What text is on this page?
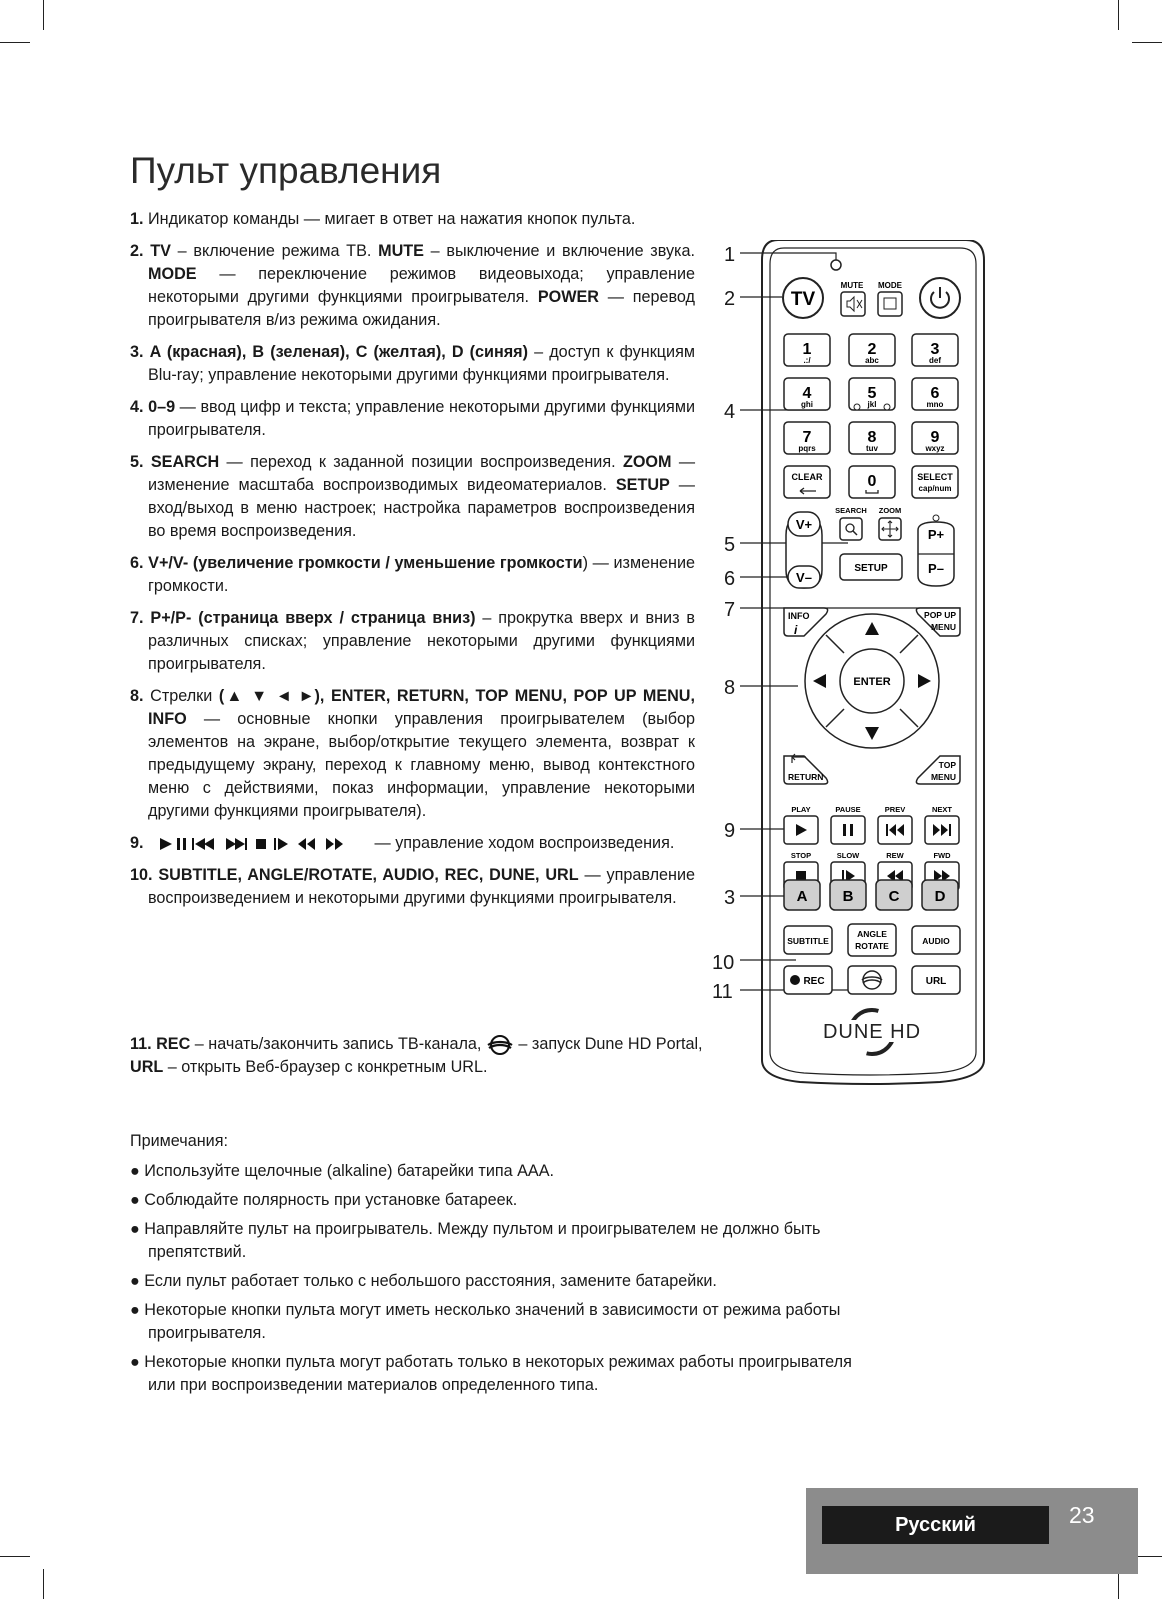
Пульт управления

1. Индикатор команды — мигает в ответ на нажатия кнопок пульта.

2. TV – включение режима ТВ. MUTE – выключение и включение звука. MODE — переключение режимов видеовыхода; управление некоторыми другими функциями проигрывателя. POWER — перевод проигрывателя в/из режима ожидания.

3. A (красная), B (зеленая), C (желтая), D (синяя) – доступ к функциям Blu-ray; управление некоторыми другими функциями проигрывателя.

4. 0–9 — ввод цифр и текста; управление некоторыми другими функциями проигрывателя.

5. SEARCH — переход к заданной позиции воспроизведения. ZOOM — изменение масштаба воспроизводимых видеоматериалов. SETUP — вход/выход в меню настроек; настройка параметров воспроизведения во время воспроизведения.

6. V+/V- (увеличение громкости / уменьшение громкости) — изменение громкости.

7. P+/P- (страница вверх / страница вниз) – прокрутка вверх и вниз в различных списках; управление некоторыми другими функциями проигрывателя.

8. Стрелки (▲ ▼ ◄ ►), ENTER, RETURN, TOP MENU, POP UP MENU, INFO — основные кнопки управления проигрывателем (выбор элементов на экране, выбор/открытие текущего элемента, возврат к предыдущему экрану, переход к главному меню, вывод контекстного меню с действиями, показ информации, управление некоторыми другими функциями проигрывателя).

9.	— управление ходом воспроизведения.

10. SUBTITLE, ANGLE/ROTATE, AUDIO, REC, DUNE, URL — управление воспроизведением и некоторыми другими функциями проигрывателя.

11. REC – начать/закончить запись ТВ-канала,  – запуск Dune HD Portal, URL – открыть Веб-браузер с конкретным URL.
Примечания:
● Используйте щелочные (alkaline) батарейки типа AAA.
● Соблюдайте полярность при установке батареек.
● Направляйте пульт на проигрыватель. Между пультом и проигрывателем не должно быть препятствий.
● Если пульт работает только с небольшого расстояния, замените батарейки.
● Некоторые кнопки пульта могут иметь несколько значений в зависимости от режима работы проигрывателя.
● Некоторые кнопки пульта могут работать только в некоторых режимах работы проигрывателя или при воспроизведении материалов определенного типа.
1
2
4
5
6
7
8
9
3
10
11
TV
MUTE MODE
1
.:/
2
abc
3
def
4
ghi
5
jkl
6
mno
7
pqrs
8
tuv
9
wxyz
CLEAR	0	SELECT
cap/num
SEARCH ZOOM
V+
V–
SETUP
P+
P–
INFO
i
POP UP
MENU
ENTER
RETURN
TOP
MENU
PLAY	PAUSE	PREV	NEXT
STOP	SLOW	REW	FWD
A B C D
SUBTITLE
ANGLE
ROTATE	AUDIO
REC	URL
DUNE HD
Русский	23
